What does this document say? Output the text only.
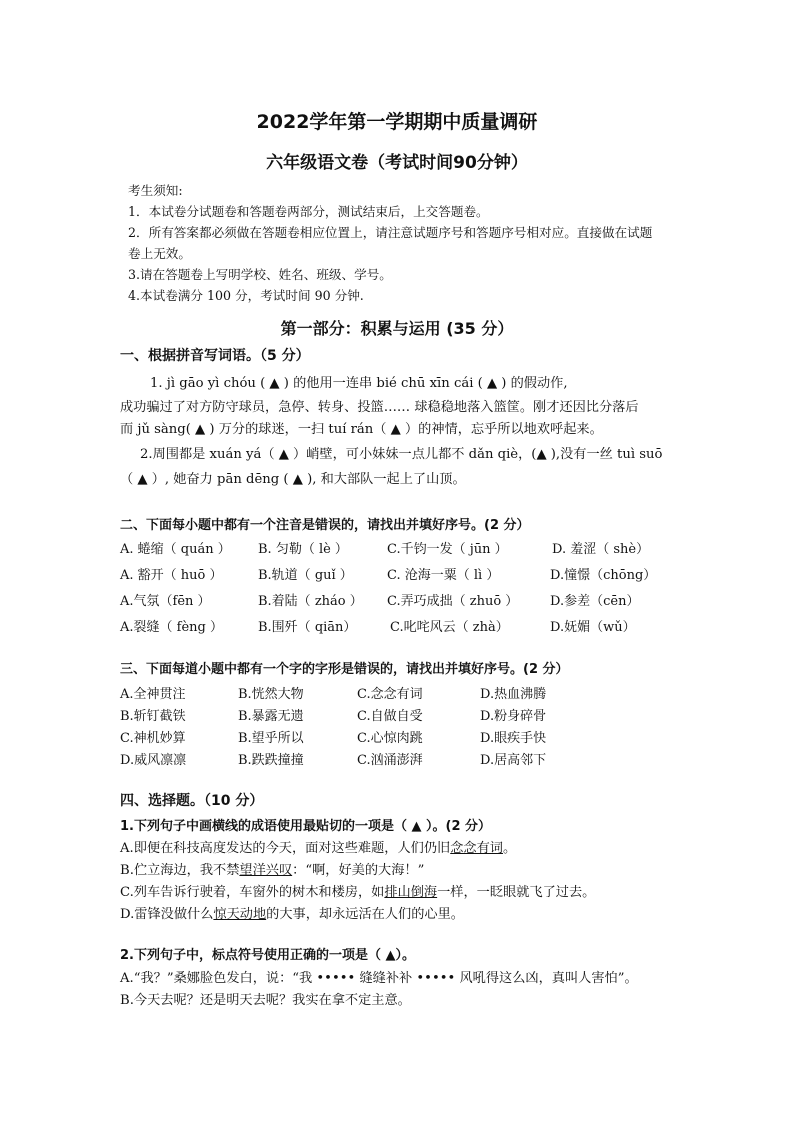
2022学年第一学期期中质量调研
六年级语文卷（考试时间90分钟）
考生须知:
1．本试卷分试题卷和答题卷两部分，测试结束后，上交答题卷。
2．所有答案都必须做在答题卷相应位置上，请注意试题序号和答题序号相对应。直接做在试题
卷上无效。
3.请在答题卷上写明学校、姓名、班级、学号。
4.本试卷满分 100 分，考试时间 90 分钟.
第一部分：积累与运用 (35 分）
一、根据拼音写词语。（5 分）
1. jì gāo yì chóu ( ▲ ) 的他用一连串 bié chū xīn cái ( ▲ ) 的假动作,
成功骗过了对方防守球员，急停、转身、投篮…… 球稳稳地落入篮筐。刚才还因比分落后
而 jǔ sàng( ▲ ) 万分的球迷，一扫 tuí rán（ ▲ ）的神情，忘乎所以地欢呼起来。
2.周围都是 xuán yá（ ▲ ）峭壁，可小妹妹一点儿都不 dǎn qiè，(▲ ),没有一丝 tuì suō
（ ▲ ）, 她奋力 pān dēng ( ▲ ), 和大部队一起上了山顶。
二、下面每小题中都有一个注音是错误的，请找出并填好序号。(2 分）
A. 蜷缩（ quán ） B. 匀勒（ lè ）	C.千钧一发（ jūn ）	D. 羞涩（ shè）
A. 豁开（ huō ）	B.轨道（ guǐ ）	C. 沧海一粟（ lì ）	D.憧憬（chōng）
A.气氛（fēn ）	B.着陆（ zháo ） C.弄巧成拙（ zhuō ） D.参差（cēn）
A.裂缝（ fèng ）	B.围歼（ qiān）	C.叱咤风云（ zhà）	D.妩媚（wǔ）
三、下面每道小题中都有一个字的字形是错误的，请找出并填好序号。(2 分）
A.全神贯注	B.恍然大物	C.念念有词	D.热血沸腾
B.斩钉截铁	B.暴露无遗	C.自做自受	D.粉身碎骨
C.神机妙算	B.望乎所以	C.心惊肉跳	D.眼疾手快
D.威风凛凛	B.跌跌撞撞	C.汹涌澎湃	D.居高邻下
四、选择题。（10 分）
1.下列句子中画横线的成语使用最贴切的一项是（ ▲ ）。(2 分）
A.即便在科技高度发达的今天，面对这些难题，人们仍旧念念有词。
B.伫立海边，我不禁望洋兴叹：“啊，好美的大海！”
C.列车告诉行驶着，车窗外的树木和楼房，如排山倒海一样，一眨眼就飞了过去。
D.雷锋没做什么惊天动地的大事，却永远活在人们的心里。
2.下列句子中，标点符号使用正确的一项是（ ▲）。
A.“我？”桑娜脸色发白，说：“我 ••••• 缝缝补补 ••••• 风吼得这么凶，真叫人害怕”。
B.今天去呢？还是明天去呢？我实在拿不定主意。
